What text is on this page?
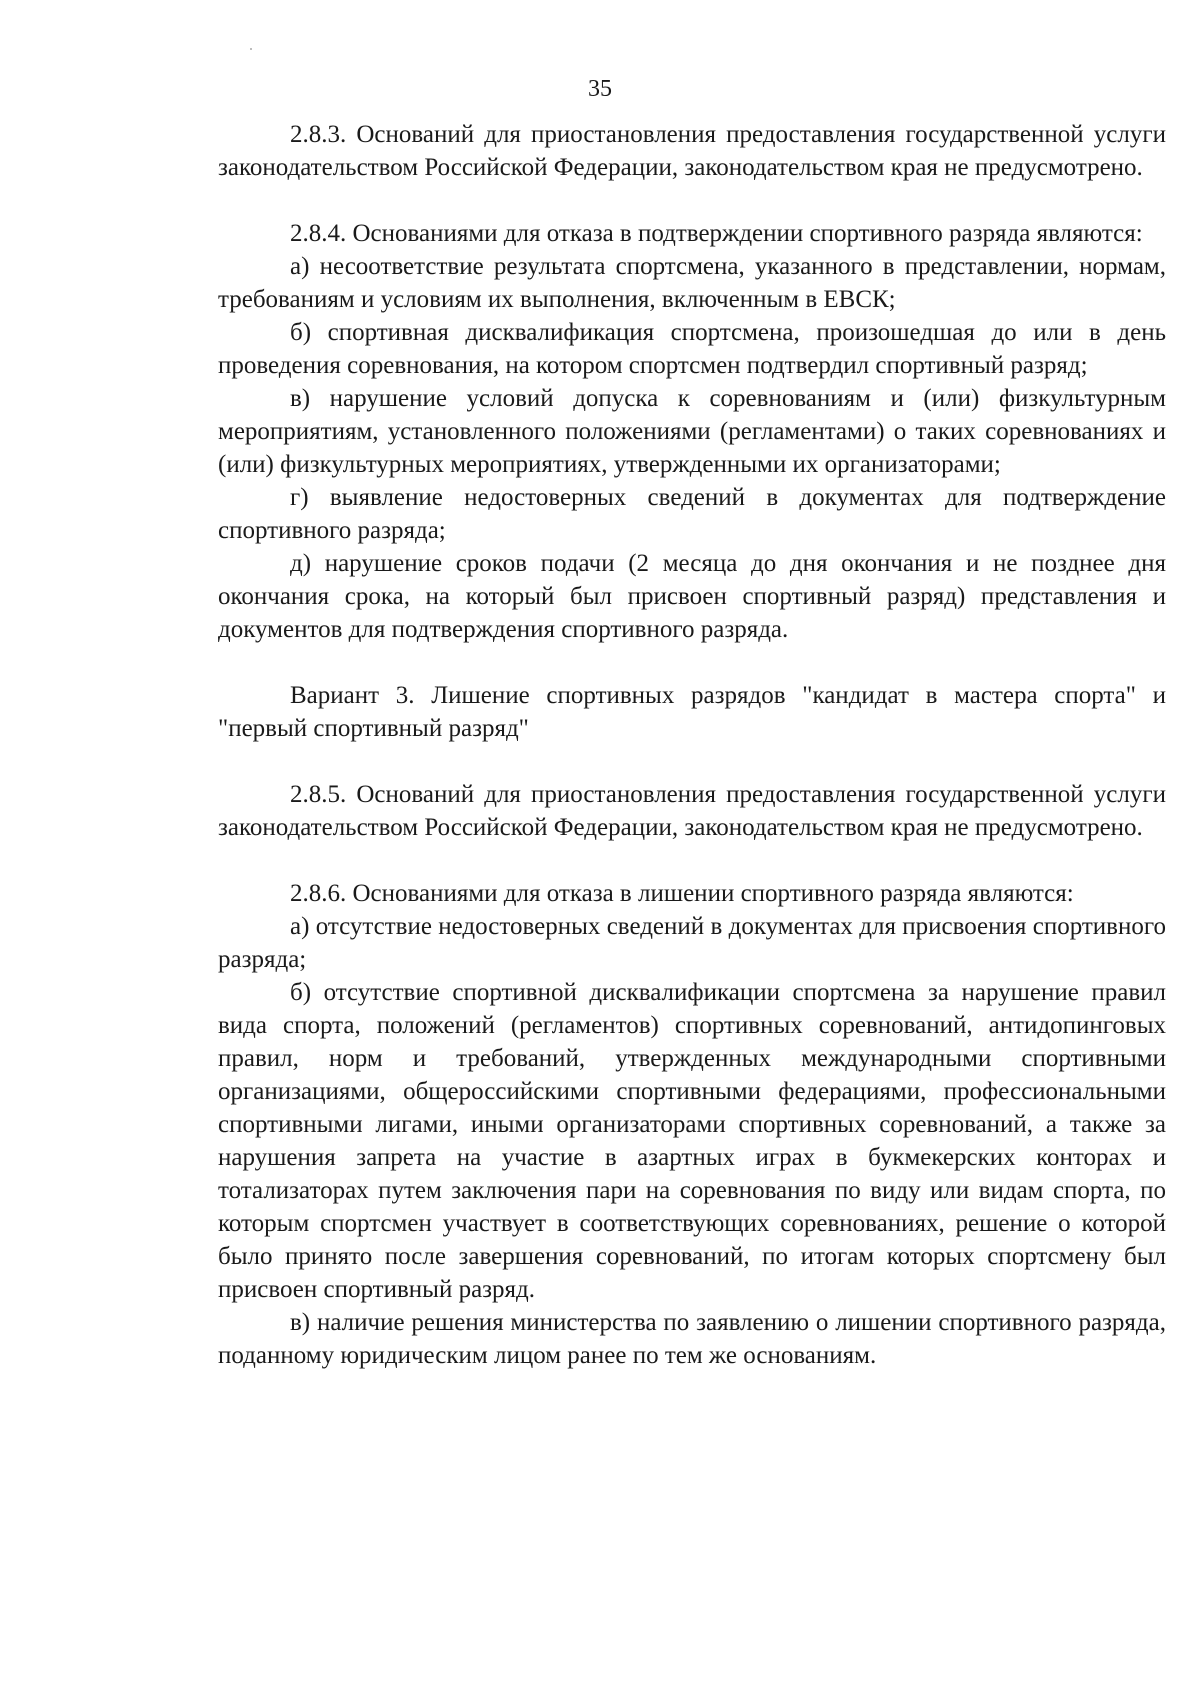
35

2.8.3. Оснований для приостановления предоставления государственной услуги законодательством Российской Федерации, законодательством края не предусмотрено.

2.8.4. Основаниями для отказа в подтверждении спортивного разряда являются:

а) несоответствие результата спортсмена, указанного в представлении, нормам, требованиям и условиям их выполнения, включенным в ЕВСК;

б) спортивная дисквалификация спортсмена, произошедшая до или в день проведения соревнования, на котором спортсмен подтвердил спортивный разряд;

в) нарушение условий допуска к соревнованиям и (или) физкультурным мероприятиям, установленного положениями (регламентами) о таких соревнованиях и (или) физкультурных мероприятиях, утвержденными их организаторами;

г) выявление недостоверных сведений в документах для подтверждение спортивного разряда;

д) нарушение сроков подачи (2 месяца до дня окончания и не позднее дня окончания срока, на который был присвоен спортивный разряд) представления и документов для подтверждения спортивного разряда.

Вариант 3. Лишение спортивных разрядов "кандидат в мастера спорта" и "первый спортивный разряд"

2.8.5. Оснований для приостановления предоставления государственной услуги законодательством Российской Федерации, законодательством края не предусмотрено.

2.8.6. Основаниями для отказа в лишении спортивного разряда являются:

а) отсутствие недостоверных сведений в документах для присвоения спортивного разряда;

б) отсутствие спортивной дисквалификации спортсмена за нарушение правил вида спорта, положений (регламентов) спортивных соревнований, антидопинговых правил, норм и требований, утвержденных международными спортивными организациями, общероссийскими спортивными федерациями, профессиональными спортивными лигами, иными организаторами спортивных соревнований, а также за нарушения запрета на участие в азартных играх в букмекерских конторах и тотализаторах путем заключения пари на соревнования по виду или видам спорта, по которым спортсмен участвует в соответствующих соревнованиях, решение о которой было принято после завершения соревнований, по итогам которых спортсмену был присвоен спортивный разряд.

в) наличие решения министерства по заявлению о лишении спортивного разряда, поданному юридическим лицом ранее по тем же основаниям.
